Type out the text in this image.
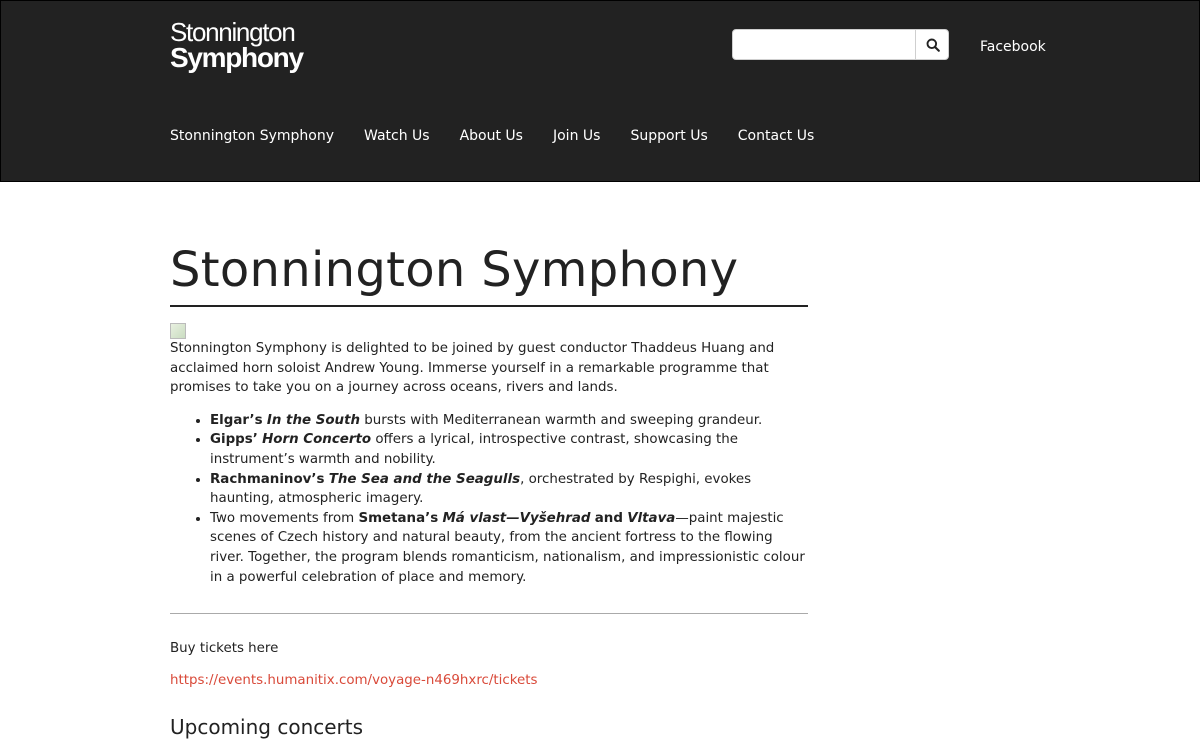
Stonnington
Symphony	Facebook
Stonnington Symphony Watch Us About Us Join Us Support Us Contact Us
Stonnington Symphony

Stonnington Symphony is delighted to be joined by guest conductor Thaddeus Huang and acclaimed horn soloist Andrew Young. Immerse yourself in a remarkable programme that promises to take you on a journey across oceans, rivers and lands.

• Elgar’s In the South bursts with Mediterranean warmth and sweeping grandeur.
• Gipps’ Horn Concerto offers a lyrical, introspective contrast, showcasing the instrument’s warmth and nobility.
• Rachmaninov’s The Sea and the Seagulls, orchestrated by Respighi, evokes haunting, atmospheric imagery.
• Two movements from Smetana’s Má vlast—Vyšehrad and Vltava—paint majestic scenes of Czech history and natural beauty, from the ancient fortress to the flowing river. Together, the program blends romanticism, nationalism, and impressionistic colour in a powerful celebration of place and memory.

Buy tickets here

https://events.humanitix.com/voyage-n469hxrc/tickets

Upcoming concerts
